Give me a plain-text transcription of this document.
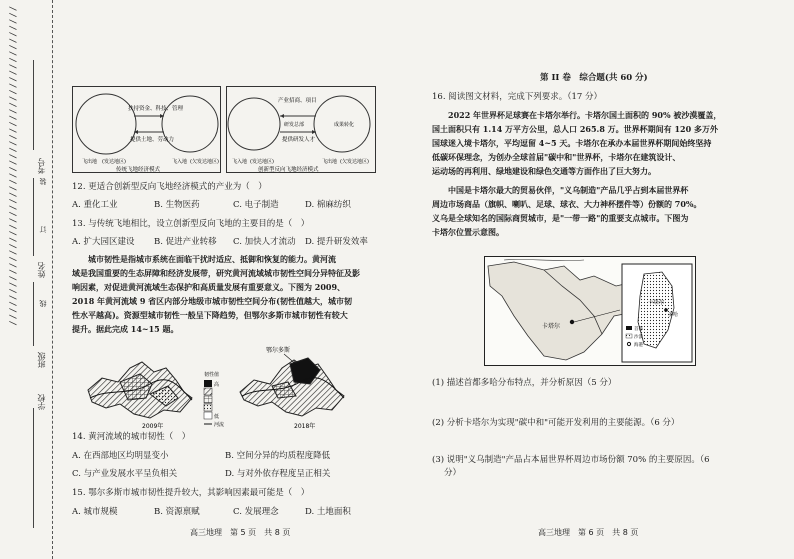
//////////////////////////////////////////////////	考号
姓名
班级
学校
装
订
线
扶持资金、科技、管理
提供土地、劳动力
飞出地 (发达地区)	飞入地 (欠发达地区)
传统飞地经济模式
产业招商、项目
研发总部	成果转化
提供研发人才
飞入地 (发达地区)	飞出地 (欠发达地区)
创新型反向飞地经济模式
12. 更适合创新型反向飞地经济模式的产业为（　）
A. 重化工业	B. 生物医药	C. 电子制造	D. 棉麻纺织
13. 与传统飞地相比，设立创新型反向飞地的主要目的是（　）
A. 扩大园区建设 B. 促进产业转移 C. 加快人才流动 D. 提升研发效率
　　城市韧性是指城市系统在面临干扰时适应、抵御和恢复的能力。黄河流
域是我国重要的生态屏障和经济发展带，研究黄河流域城市韧性空间分异特征及影
响因素，对促进黄河流域生态保护和高质量发展有重要意义。下图为 2009、
2018 年黄河流域 9 省区内部分地级市城市韧性空间分布(韧性值越大，城市韧
性水平越高)。资源型城市韧性一般呈下降趋势，但鄂尔多斯市城市韧性有较大
提升。据此完成 14~15 题。
2009年
高
低
韧性值
河流
鄂尔多斯
2018年
14. 黄河流域的城市韧性（　）
A. 在西部地区均明显变小	B. 空间分异的均质程度降低
C. 与产业发展水平呈负相关	D. 与对外依存程度呈正相关
15. 鄂尔多斯市城市韧性提升较大，其影响因素最可能是（　）
A. 城市规模	B. 资源禀赋	C. 发展理念	D. 土地面积
高三地理　第 5 页　共 8 页
第 II 卷　综合题(共 60 分)
16. 阅读图文材料，完成下列要求。（17 分）
　　2022 年世界杯足球赛在卡塔尔举行。卡塔尔国土面积的 90% 被沙漠覆盖，
国土面积只有 1.14 万平方公里，总人口 265.8 万。世界杯期间有 120 多万外
国球迷入境卡塔尔，平均逗留 4~5 天。卡塔尔在承办本届世界杯期间始终坚持
低碳环保理念，为创办全球首届"碳中和"世界杯，卡塔尔在建筑设计、
运动场的再利用、绿地建设和绿色交通等方面作出了巨大努力。
　　中国是卡塔尔最大的贸易伙伴，"义乌制造"产品几乎占到本届世界杯
周边市场商品（旗帜、喇叭、足球、球衣、大力神杯摆件等）份额的 70%。
义乌是全球知名的国际商贸城市，是"一带一路"的重要支点城市。下图为
卡塔尔位置示意图。
卡塔尔
卡塔尔
多哈
首都
沙漠
海港
(1) 描述首都多哈分布特点，并分析原因（5 分）
(2) 分析卡塔尔为实现"碳中和"可能开发利用的主要能源。（6 分）
(3) 说明"义乌制造"产品占本届世界杯周边市场份额 70% 的主要原因。（6
分）
高三地理　第 6 页　共 8 页
